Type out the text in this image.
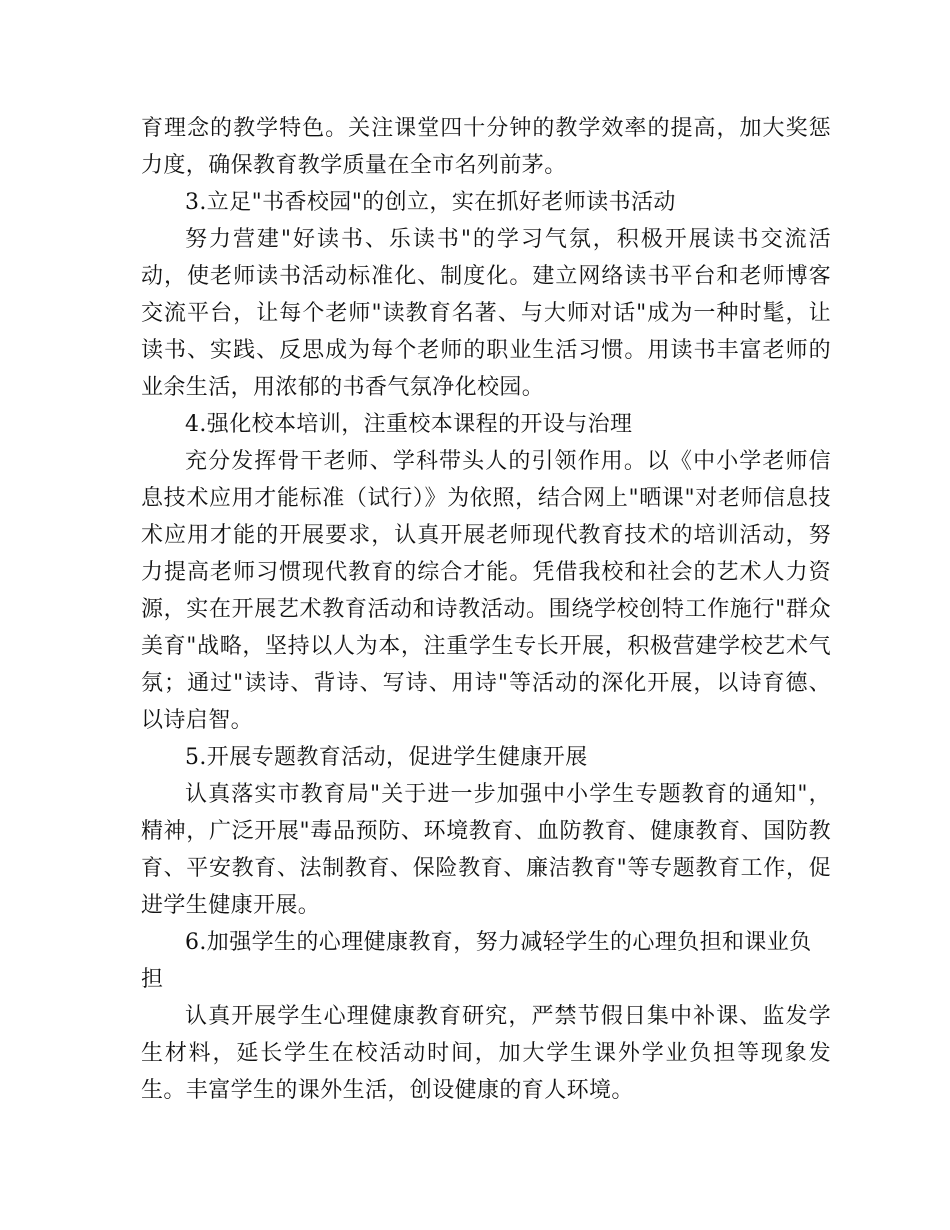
育理念的教学特色。关注课堂四十分钟的教学效率的提高，加大奖惩力度，确保教育教学质量在全市名列前茅。

3.立足"书香校园"的创立，实在抓好老师读书活动

努力营建"好读书、乐读书"的学习气氛，积极开展读书交流活动，使老师读书活动标准化、制度化。建立网络读书平台和老师博客交流平台，让每个老师"读教育名著、与大师对话"成为一种时髦，让读书、实践、反思成为每个老师的职业生活习惯。用读书丰富老师的业余生活，用浓郁的书香气氛净化校园。

4.强化校本培训，注重校本课程的开设与治理

充分发挥骨干老师、学科带头人的引领作用。以《中小学老师信息技术应用才能标准（试行）》为依照，结合网上"晒课"对老师信息技术应用才能的开展要求，认真开展老师现代教育技术的培训活动，努力提高老师习惯现代教育的综合才能。凭借我校和社会的艺术人力资源，实在开展艺术教育活动和诗教活动。围绕学校创特工作施行"群众美育"战略，坚持以人为本，注重学生专长开展，积极营建学校艺术气氛；通过"读诗、背诗、写诗、用诗"等活动的深化开展，以诗育德、以诗启智。

5.开展专题教育活动，促进学生健康开展

认真落实市教育局"关于进一步加强中小学生专题教育的通知"，精神，广泛开展"毒品预防、环境教育、血防教育、健康教育、国防教育、平安教育、法制教育、保险教育、廉洁教育"等专题教育工作，促进学生健康开展。

6.加强学生的心理健康教育，努力减轻学生的心理负担和课业负担

认真开展学生心理健康教育研究，严禁节假日集中补课、监发学生材料，延长学生在校活动时间，加大学生课外学业负担等现象发生。丰富学生的课外生活，创设健康的育人环境。
